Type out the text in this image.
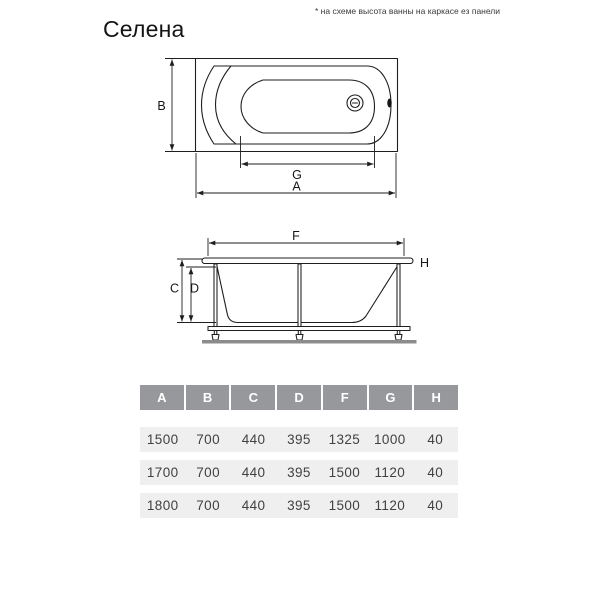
Селена
* на схеме высота ванны на каркасе ез панели
B
G
A
F
H
C D
A	B	C	D	F	G	H
1500	700	440	395	1325	1000	40
1700	700	440	395	1500	1120	40
1800	700	440	395	1500	1120	40
